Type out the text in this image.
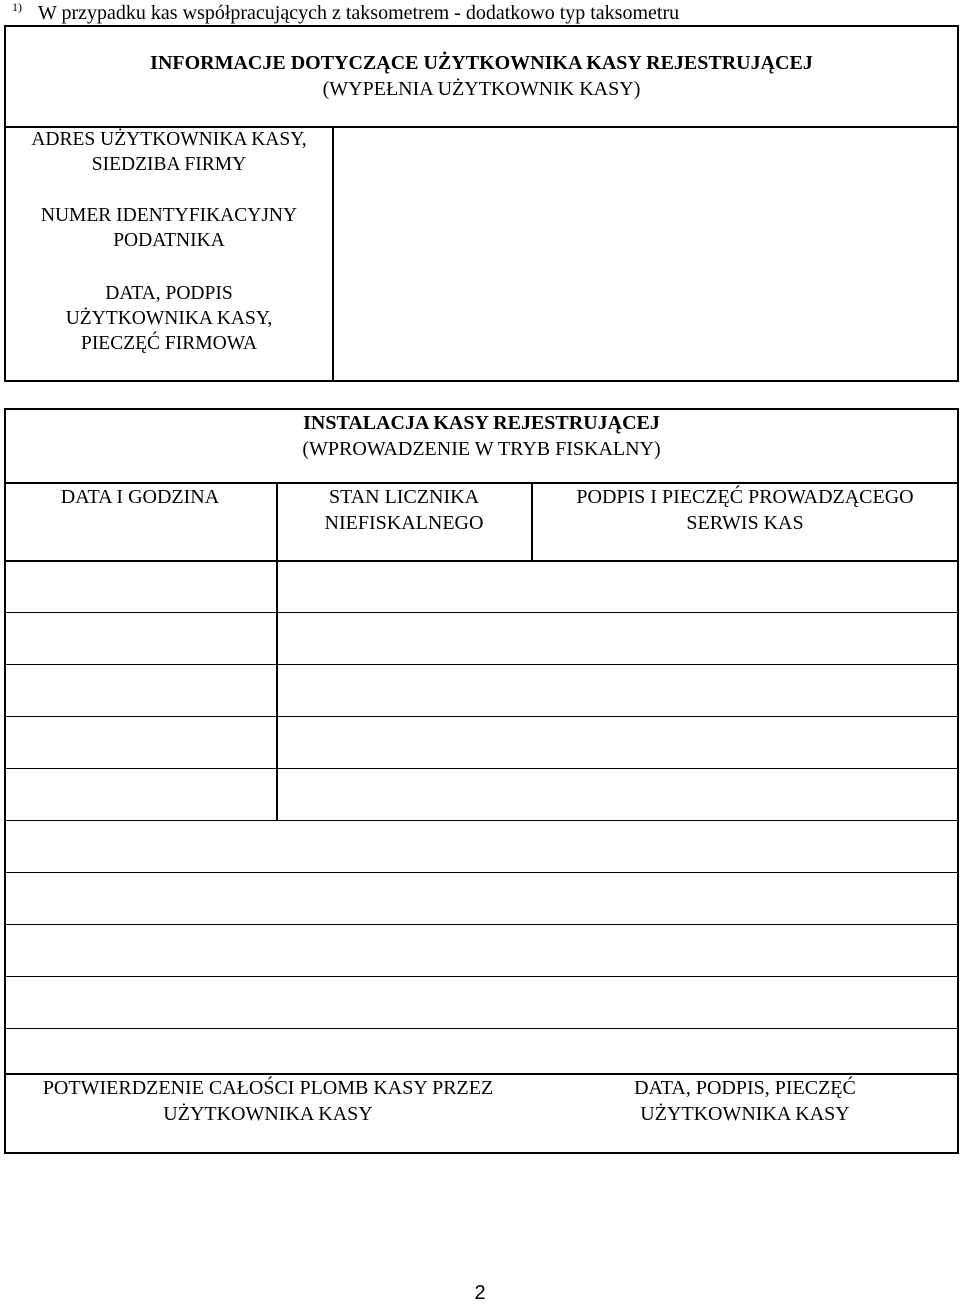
1) W przypadku kas współpracujących z taksometrem - dodatkowo typ taksometru
INFORMACJE DOTYCZĄCE UŻYTKOWNIKA KASY REJESTRUJĄCEJ
(WYPEŁNIA UŻYTKOWNIK KASY)
ADRES UŻYTKOWNIKA KASY,
SIEDZIBA FIRMY
NUMER IDENTYFIKACYJNY
PODATNIKA
DATA, PODPIS
UŻYTKOWNIKA KASY,
PIECZĘĆ FIRMOWA
INSTALACJA KASY REJESTRUJĄCEJ
(WPROWADZENIE W TRYB FISKALNY)
DATA I GODZINA	STAN LICZNIKA
NIEFISKALNEGO
PODPIS I PIECZĘĆ PROWADZĄCEGO
SERWIS KAS
POTWIERDZENIE CAŁOŚCI PLOMB KASY PRZEZ
UŻYTKOWNIKA KASY
DATA, PODPIS, PIECZĘĆ
UŻYTKOWNIKA KASY
2
